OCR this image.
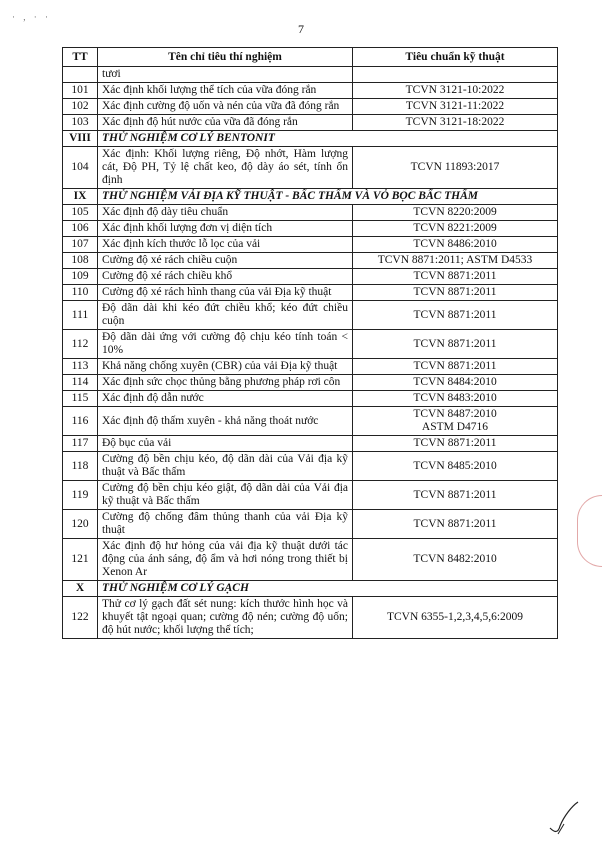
· , · ·
7
TT	Tên chỉ tiêu thí nghiệm	Tiêu chuẩn kỹ thuật
	tươi	

101	Xác định khối lượng thể tích của vữa đóng rắn	TCVN 3121-10:2022

102	Xác định cường độ uốn và nén của vữa đã đóng rắn	TCVN 3121-11:2022

103	Xác định độ hút nước của vữa đã đóng rắn	TCVN 3121-18:2022

VIII	THỬ NGHIỆM CƠ LÝ BENTONIT	
104	Xác định: Khối lượng riêng, Độ nhớt, Hàm lượng cát, Độ PH, Tỷ lệ chất keo, độ dày áo sét, tính ổn định	TCVN 11893:2017

IX	THỬ NGHIỆM VẢI ĐỊA KỸ THUẬT - BẤC THẤM VÀ VỎ BỌC BẤC THẤM	
105	Xác định độ dày tiêu chuẩn	TCVN 8220:2009

106	Xác định khối lượng đơn vị diện tích	TCVN 8221:2009

107	Xác định kích thước lỗ lọc của vải	TCVN 8486:2010

108	Cường độ xé rách chiều cuộn	TCVN 8871:2011; ASTM D4533

109	Cường độ xé rách chiều khổ	TCVN 8871:2011

110	Cường độ xé rách hình thang của vải Địa kỹ thuật	TCVN 8871:2011

111	Độ dãn dài khi kéo đứt chiều khổ; kéo đứt chiều cuộn	TCVN 8871:2011

112	Độ dãn dài ứng với cường độ chịu kéo tính toán < 10%	TCVN 8871:2011

113	Khả năng chống xuyên (CBR) của vải Địa kỹ thuật	TCVN 8871:2011

114	Xác định sức chọc thủng bằng phương pháp rơi côn	TCVN 8484:2010

115	Xác định độ dẫn nước	TCVN 8483:2010

116	Xác định độ thấm xuyên - khả năng thoát nước	TCVN 8487:2010
ASTM D4716

117	Độ bục của vải	TCVN 8871:2011

118	Cường độ bền chịu kéo, độ dãn dài của Vải địa kỹ thuật và Bấc thấm	TCVN 8485:2010

119	Cường độ bền chịu kéo giật, độ dãn dài của Vải địa kỹ thuật và Bấc thấm	TCVN 8871:2011

120	Cường độ chống đâm thủng thanh của vải Địa kỹ thuật	TCVN 8871:2011

121	Xác định độ hư hỏng của vải địa kỹ thuật dưới tác động của ánh sáng, độ ẩm và hơi nóng trong thiết bị Xenon Ar	TCVN 8482:2010

X	THỬ NGHIỆM CƠ LÝ GẠCH	
122	Thử cơ lý gạch đất sét nung: kích thước hình học và khuyết tật ngoại quan; cường độ nén; cường độ uốn; độ hút nước; khối lượng thể tích;	TCVN 6355-1,2,3,4,5,6:2009
